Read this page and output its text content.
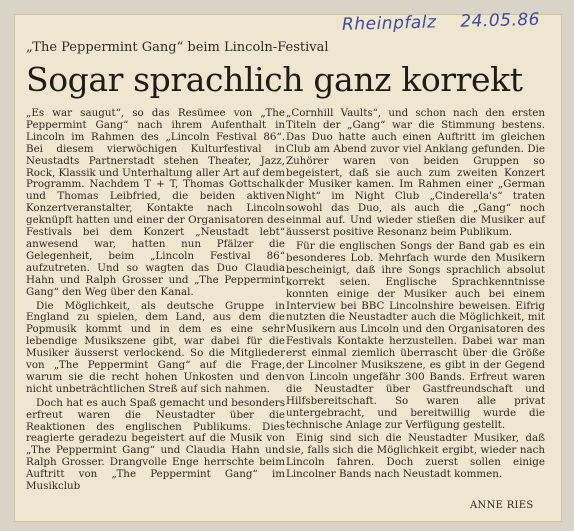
Rheinpfalz 24.05.86
„The Peppermint Gang“ beim Lincoln-Festival
Sogar sprachlich ganz korrekt

„Es war saugut“, so das Resümee von „The Peppermint Gang“ nach ihrem Aufenthalt in Lincoln im Rahmen des „Lincoln Festival 86“. Bei diesem vierwöchigen Kulturfestival in Neustadts Partnerstadt stehen Theater, Jazz, Rock, Klassik und Unterhaltung aller Art auf dem Programm. Nachdem T + T, Thomas Gottschalk und Thomas Leibfried, die beiden aktiven Konzertveranstalter, Kontakte nach Lincoln geknüpft hatten und einer der Organisatoren des Festivals bei dem Konzert „Neustadt lebt“ anwesend war, hatten nun Pfälzer die Gelegenheit, beim „Lincoln Festival 86“ aufzutreten. Und so wagten das Duo Claudia Hahn und Ralph Grosser und „The Peppermint Gang“ den Weg über den Kanal.

Die Möglichkeit, als deutsche Gruppe in England zu spielen, dem Land, aus dem die Popmusik kommt und in dem es eine sehr lebendige Musikszene gibt, war dabei für die Musiker äusserst verlockend. So die Mitglieder von „The Peppermint Gang“ auf die Frage, warum sie die recht hohen Unkosten und den nicht unbeträchtlichen Streß auf sich nahmen.

Doch hat es auch Spaß gemacht und besonders erfreut waren die Neustadter über die Reaktionen des englischen Publikums. Dies reagierte geradezu begeistert auf die Musik von „The Peppermint Gang“ und Claudia Hahn und Ralph Grosser. Drangvolle Enge herrschte beim Auftritt von „The Peppermint Gang“ im Musikclub

„Cornhill Vaults“, und schon nach den ersten Titeln der „Gang“ war die Stimmung bestens. Das Duo hatte auch einen Auftritt im gleichen Club am Abend zuvor viel Anklang gefunden. Die Zuhörer waren von beiden Gruppen so begeistert, daß sie auch zum zweiten Konzert der Musiker kamen. Im Rahmen einer „German Night“ im Night Club „Cinderella's“ traten sowohl das Duo, als auch die „Gang“ noch einmal auf. Und wieder stießen die Musiker auf äusserst positive Resonanz beim Publikum.

Für die englischen Songs der Band gab es ein besonderes Lob. Mehrfach wurde den Musikern bescheinigt, daß ihre Songs sprachlich absolut korrekt seien. Englische Sprachkenntnisse konnten einige der Musiker auch bei einem Interview bei BBC Lincolnshire beweisen. Eifrig nutzten die Neustadter auch die Möglichkeit, mit Musikern aus Lincoln und den Organisatoren des Festivals Kontakte herzustellen. Dabei war man erst einmal ziemlich überrascht über die Größe der Lincolner Musikszene, es gibt in der Gegend von Lincoln ungefähr 300 Bands. Erfreut waren die Neustadter über Gastfreundschaft und Hilfsbereitschaft. So waren alle privat untergebracht, und bereitwillig wurde die technische Anlage zur Verfügung gestellt.

Einig sind sich die Neustadter Musiker, daß sie, falls sich die Möglichkeit ergibt, wieder nach Lincoln fahren. Doch zuerst sollen einige Lincolner Bands nach Neustadt kommen.

ANNE RIES
